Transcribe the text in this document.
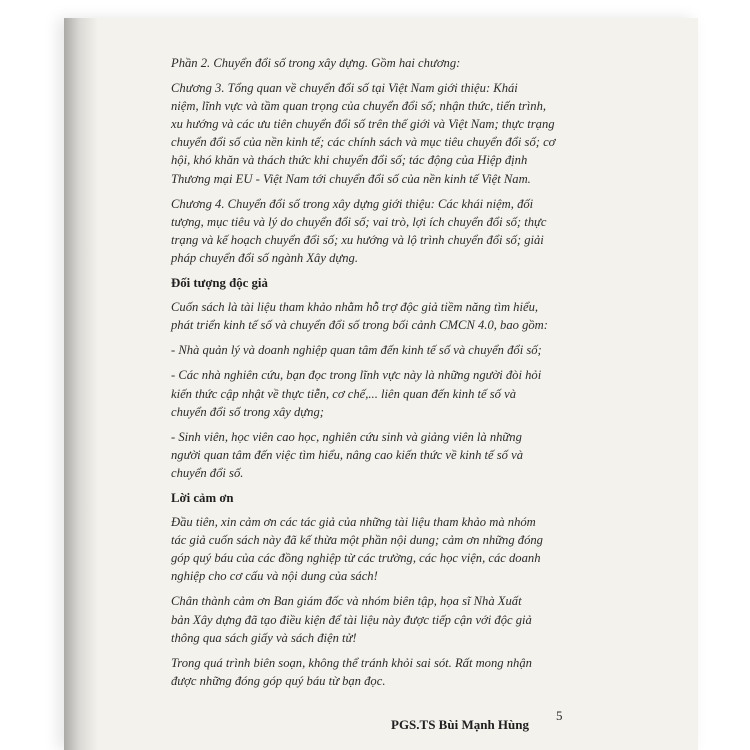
Phần 2. Chuyển đổi số trong xây dựng. Gồm hai chương:
Chương 3. Tổng quan về chuyển đổi số tại Việt Nam giới thiệu: Khái
niệm, lĩnh vực và tầm quan trọng của chuyển đổi số; nhận thức, tiến trình,
xu hướng và các ưu tiên chuyển đổi số trên thế giới và Việt Nam; thực trạng
chuyển đổi số của nền kinh tế; các chính sách và mục tiêu chuyển đổi số; cơ
hội, khó khăn và thách thức khi chuyển đổi số; tác động của Hiệp định
Thương mại EU - Việt Nam tới chuyển đổi số của nền kinh tế Việt Nam.
Chương 4. Chuyển đổi số trong xây dựng giới thiệu: Các khái niệm, đối
tượng, mục tiêu và lý do chuyển đổi số; vai trò, lợi ích chuyển đổi số; thực
trạng và kế hoạch chuyển đổi số; xu hướng và lộ trình chuyển đổi số; giải
pháp chuyển đổi số ngành Xây dựng.
Đối tượng độc giả
Cuốn sách là tài liệu tham khảo nhằm hỗ trợ độc giả tiềm năng tìm hiểu,
phát triển kinh tế số và chuyển đổi số trong bối cảnh CMCN 4.0, bao gồm:
- Nhà quản lý và doanh nghiệp quan tâm đến kinh tế số và chuyển đổi số;
- Các nhà nghiên cứu, bạn đọc trong lĩnh vực này là những người đòi hỏi
kiến thức cập nhật về thực tiễn, cơ chế,... liên quan đến kinh tế số và
chuyển đổi số trong xây dựng;
- Sinh viên, học viên cao học, nghiên cứu sinh và giảng viên là những
người quan tâm đến việc tìm hiểu, nâng cao kiến thức về kinh tế số và
chuyển đổi số.
Lời cảm ơn
Đầu tiên, xin cảm ơn các tác giả của những tài liệu tham khảo mà nhóm
tác giả cuốn sách này đã kế thừa một phần nội dung; cảm ơn những đóng
góp quý báu của các đồng nghiệp từ các trường, các học viện, các doanh
nghiệp cho cơ cấu và nội dung của sách!
Chân thành cảm ơn Ban giám đốc và nhóm biên tập, họa sĩ Nhà Xuất
bản Xây dựng đã tạo điều kiện để tài liệu này được tiếp cận với độc giả
thông qua sách giấy và sách điện tử!
Trong quá trình biên soạn, không thể tránh khỏi sai sót. Rất mong nhận
được những đóng góp quý báu từ bạn đọc.
PGS.TS Bùi Mạnh Hùng
5
